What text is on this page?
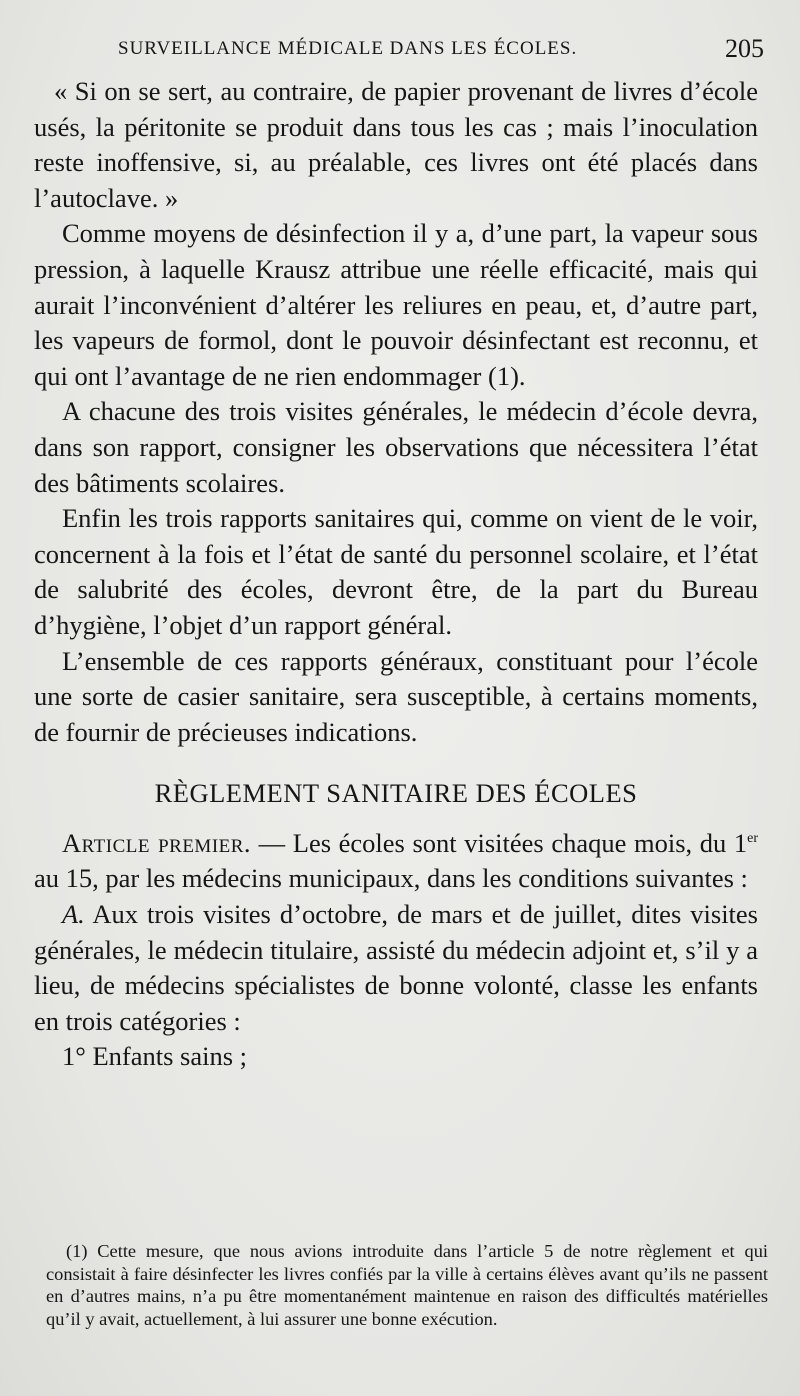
SURVEILLANCE MÉDICALE DANS LES ÉCOLES.	205

« Si on se sert, au contraire, de papier provenant de livres d’école usés, la péritonite se produit dans tous les cas ; mais l’inoculation reste inoffensive, si, au préalable, ces livres ont été placés dans l’autoclave. »

Comme moyens de désinfection il y a, d’une part, la vapeur sous pression, à laquelle Krausz attribue une réelle efficacité, mais qui aurait l’inconvénient d’altérer les reliures en peau, et, d’autre part, les vapeurs de formol, dont le pouvoir désinfectant est reconnu, et qui ont l’avantage de ne rien endommager (1).

A chacune des trois visites générales, le médecin d’école devra, dans son rapport, consigner les observations que nécessitera l’état des bâtiments scolaires.

Enfin les trois rapports sanitaires qui, comme on vient de le voir, concernent à la fois et l’état de santé du personnel scolaire, et l’état de salubrité des écoles, devront être, de la part du Bureau d’hygiène, l’objet d’un rapport général.

L’ensemble de ces rapports généraux, constituant pour l’école une sorte de casier sanitaire, sera susceptible, à certains moments, de fournir de précieuses indications.

RÈGLEMENT SANITAIRE DES ÉCOLES

Article premier. — Les écoles sont visitées chaque mois, du 1er au 15, par les médecins municipaux, dans les conditions suivantes :

A. Aux trois visites d’octobre, de mars et de juillet, dites visites générales, le médecin titulaire, assisté du médecin adjoint et, s’il y a lieu, de médecins spécialistes de bonne volonté, classe les enfants en trois catégories :

1° Enfants sains ;

(1) Cette mesure, que nous avions introduite dans l’article 5 de notre règlement et qui consistait à faire désinfecter les livres confiés par la ville à certains élèves avant qu’ils ne passent en d’autres mains, n’a pu être momentanément maintenue en raison des difficultés matérielles qu’il y avait, actuellement, à lui assurer une bonne exécution.
